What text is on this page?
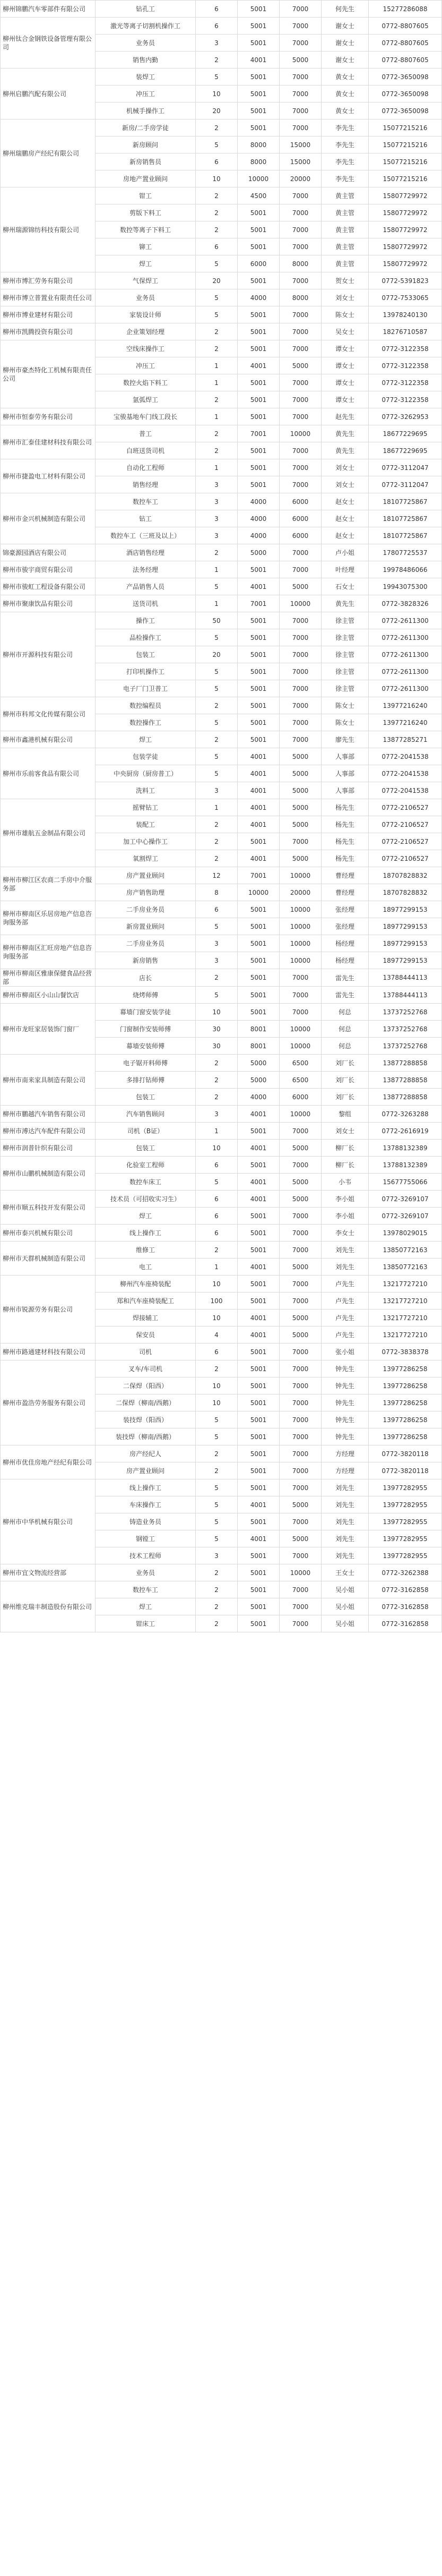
柳州锦鹏汽车零部件有限公司	钻孔工	6	5001	7000	何先生	15277286088
柳州钛合金钢铁设备管理有限公司	激光等离子切割机操作工	6	5001	7000	谢女士	0772-8807605
	业务员	3	5001	7000	谢女士	0772-8807605
	销售内勤	2	4001	5000	谢女士	0772-8807605
柳州启鹏汽配有限公司	装焊工	5	5001	7000	黄女士	0772-3650098
	冲压工	10	5001	7000	黄女士	0772-3650098
	机械手操作工	20	5001	7000	黄女士	0772-3650098
柳州瑞鹏房产经纪有限公司	新房/二手房学徒	2	5001	7000	李先生	15077215216
	新房顾问	5	8000	15000	李先生	15077215216
	新房销售员	6	8000	15000	李先生	15077215216
	房地产置业顾问	10	10000	20000	李先生	15077215216
柳州瑞源锦纺科技有限公司	钳工	2	4500	7000	黄主管	15807729972
	剪版下料工	2	5001	7000	黄主管	15807729972
	数控等离子下料工	2	5001	7000	黄主管	15807729972
	铆工	6	5001	7000	黄主管	15807729972
	焊工	5	6000	8000	黄主管	15807729972
柳州市博汇劳务有限公司	气保焊工	20	5001	7000	贺女士	0772-5391823
柳州市博立普置业有限责任公司	业务员	5	4000	8000	刘女士	0772-7533065
柳州市博业建材有限公司	家装设计师	5	5001	7000	陈女士	13978240130
柳州市凯腾投资有限公司	企业策划经理	2	5001	7000	吴女士	18276710587
柳州市豪杰特化工机械有限责任公司	空线床操作工	2	5001	7000	谭女士	0772-3122358
	冲压工	1	4001	5000	谭女士	0772-3122358
	数控火焰下料工	1	5001	7000	谭女士	0772-3122358
	氩弧焊工	2	5001	7000	谭女士	0772-3122358
柳州市恒泰劳务有限公司	宝骏基地车门线工段长	1	5001	7000	赵先生	0772-3262953
柳州市汇泰佳建材科技有限公司	普工	2	7001	10000	黄先生	18677229695
	白班送货司机	2	5001	7000	黄先生	18677229695
柳州市捷盈电工材料有限公司	自动化工程师	1	5001	7000	刘女士	0772-3112047
	销售经理	3	5001	7000	刘女士	0772-3112047
柳州市金兴机械制造有限公司	数控车工	3	4000	6000	赵女士	18107725867
	钻工	3	4000	6000	赵女士	18107725867
	数控车工（三班及以上）	3	4000	6000	赵女士	18107725867
锦豪源园酒店有限公司	酒店销售经理	2	5000	7000	卢小姐	17807725537
柳州市骏宇商贸有限公司	法务经理	1	5001	7000	叶经理	19978486066
柳州市骏虹工程设备有限公司	产品销售人员	5	4001	5000	石女士	19943075300
柳州市聚康饮品有限公司	送货司机	1	7001	10000	黄先生	0772-3828326
柳州市开源科技有限公司	操作工	50	5001	7000	徐主管	0772-2611300
	品检操作工	5	5001	7000	徐主管	0772-2611300
	包装工	20	5001	7000	徐主管	0772-2611300
	打印机操作工	5	5001	7000	徐主管	0772-2611300
	电子厂门卫普工	5	5001	7000	徐主管	0772-2611300
柳州市科邦文化传媒有限公司	数控编程员	2	5001	7000	陈女士	13977216240
	数控操作工	5	5001	7000	陈女士	13977216240
柳州市鑫港机械有限公司	焊工	2	5001	7000	廖先生	13877285271
柳州市乐前客食品有限公司	包装学徒	5	4001	5000	人事部	0772-2041538
	中央厨房（厨房普工）	5	4001	5000	人事部	0772-2041538
	洗料工	3	4001	5000	人事部	0772-2041538
柳州市雄航五金制品有限公司	摇臂钻工	1	4001	5000	杨先生	0772-2106527
	装配工	2	4001	5000	杨先生	0772-2106527
	加工中心操作工	2	5001	7000	杨先生	0772-2106527
	氧割焊工	2	4001	5000	杨先生	0772-2106527
柳州市柳江区农商二手房中介服务部	房产置业顾问	12	7001	10000	曹经理	18707828832
	房产销售助理	8	10000	20000	曹经理	18707828832
柳州市柳南区乐居房地产信息咨询服务部	二手房业务员	6	5001	10000	张经理	18977299153
	新房置业顾问	5	5001	10000	张经理	18977299153
柳州市柳南区汇旺房地产信息咨询服务部	二手房业务员	3	5001	10000	杨经理	18977299153
	新房销售	3	5001	10000	杨经理	18977299153
柳州市柳南区雅康保健食品经营部	店长	2	5001	7000	雷先生	13788444113
柳州市柳南区小山山餐饮店	烧烤师傅	5	5001	7000	雷先生	13788444113
柳州市龙旺家居装饰门窗厂	幕墙门窗安装学徒	10	5001	7000	何总	13737252768
	门窗制作安装师傅	30	8001	10000	何总	13737252768
	幕墙安装师傅	30	8001	10000	何总	13737252768
柳州市南来家具制造有限公司	电子锯开料师傅	2	5000	6500	刘厂长	13877288858
	多排打钻师傅	2	5000	6500	刘厂长	13877288858
	包装工	2	4000	6000	刘厂长	13877288858
柳州市鹏越汽车销售有限公司	汽车销售顾问	3	4001	10000	黎组	0772-3263288
柳州市溥达汽车配件有限公司	司机（B证）	1	5001	7000	刘女士	0772-2616919
柳州市润普针织有限公司	包装工	10	4001	5000	柳厂长	13788132389
柳州市山鹏机械制造有限公司	化验室工程师	6	5001	7000	柳厂长	13788132389
	数控车床工	5	4001	5000	小韦	15677755066
柳州市顺五科技开发有限公司	技术员（可招收实习生）	6	4001	5000	李小姐	0772-3269107
	焊工	6	5001	7000	李小姐	0772-3269107
柳州市泰兴机械有限公司	线上操作工	6	5001	7000	李女士	13978029015
柳州市天群机械制造有限公司	维修工	2	5001	7000	刘先生	13850772163
	电工	1	4001	5000	刘先生	13850772163
柳州市锐源劳务有限公司	柳州汽车座椅装配	10	5001	7000	卢先生	13217727210
	郑和汽车座椅装配工	100	5001	7000	卢先生	13217727210
	焊接辅工	10	4001	5000	卢先生	13217727210
	保安员	4	4001	5000	卢先生	13217727210
柳州市路通建材科技有限公司	司机	6	5001	7000	张小姐	0772-3838378
柳州市盈浩劳务服务有限公司	叉车/车司机	2	5001	7000	钟先生	13977286258
	二保焊（阳西）	10	5001	7000	钟先生	13977286258
	二保焊（柳南/西鹅）	10	5001	7000	钟先生	13977286258
	装技焊（阳西）	5	5001	7000	钟先生	13977286258
	装技焊（柳南/西鹅）	5	5001	7000	钟先生	13977286258
柳州市优佳房地产经纪有限公司	房产经纪人	2	5001	7000	方经理	0772-3820118
	房产置业顾问	2	5001	7000	方经理	0772-3820118
柳州市中华机械有限公司	线上操作工	5	5001	7000	刘先生	13977282955
	车床操作工	5	4001	5000	刘先生	13977282955
	铸造业务员	5	5001	7000	刘先生	13977282955
	钢镗工	5	4001	5000	刘先生	13977282955
	技术工程师	3	5001	7000	刘先生	13977282955
柳州市宜文物流经营部	业务员	2	5001	10000	王女士	0772-3262388
柳州维克瑞丰制造股份有限公司	数控车工	2	5001	7000	吴小姐	0772-3162858
	焊工	2	5001	7000	吴小姐	0772-3162858
	钳床工	2	5001	7000	吴小姐	0772-3162858
